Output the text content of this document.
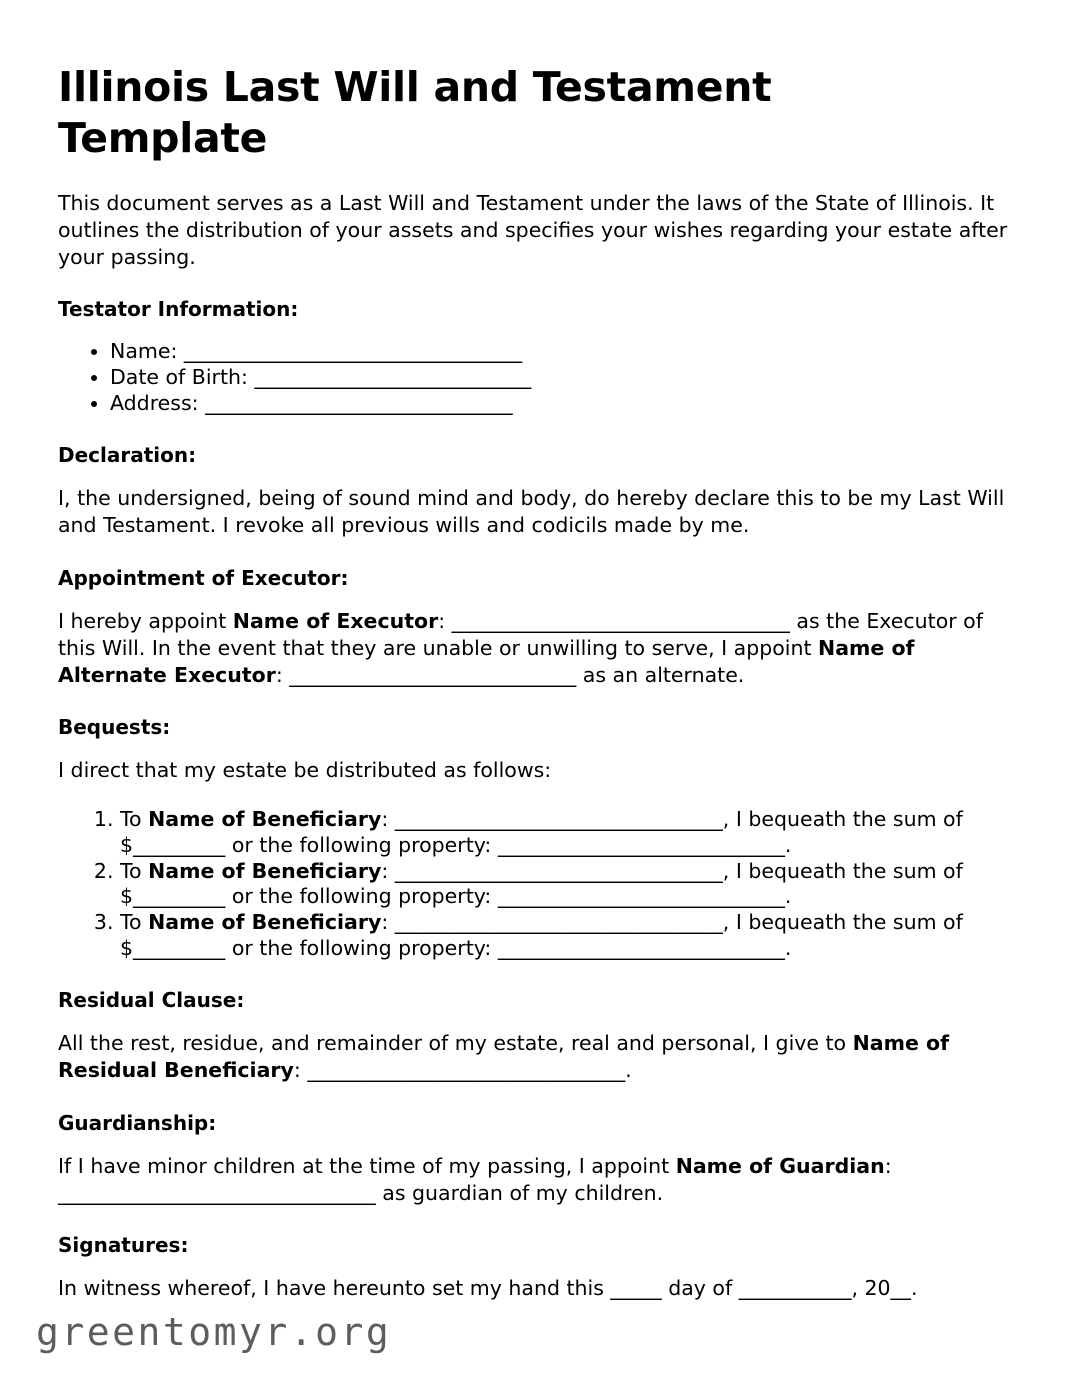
Illinois Last Will and Testament Template

This document serves as a Last Will and Testament under the laws of the State of Illinois. It outlines the distribution of your assets and specifies your wishes regarding your estate after your passing.

Testator Information:
• Name: _________________________________
• Date of Birth: ___________________________
• Address: ______________________________
Declaration:

I, the undersigned, being of sound mind and body, do hereby declare this to be my Last Will and Testament. I revoke all previous wills and codicils made by me.

Appointment of Executor:

I hereby appoint Name of Executor: _________________________________ as the Executor of this Will. In the event that they are unable or unwilling to serve, I appoint Name of Alternate Executor: ____________________________ as an alternate.

Bequests:

I direct that my estate be distributed as follows:

1. To Name of Beneficiary: ________________________________, I bequeath the sum of $_________ or the following property: ____________________________.
2. To Name of Beneficiary: ________________________________, I bequeath the sum of $_________ or the following property: ____________________________.
3. To Name of Beneficiary: ________________________________, I bequeath the sum of $_________ or the following property: ____________________________.
Residual Clause:

All the rest, residue, and remainder of my estate, real and personal, I give to Name of Residual Beneficiary: _______________________________.

Guardianship:

If I have minor children at the time of my passing, I appoint Name of Guardian: _______________________________ as guardian of my children.

Signatures:

In witness whereof, I have hereunto set my hand this _____ day of ___________, 20__.

greentomyr.org
